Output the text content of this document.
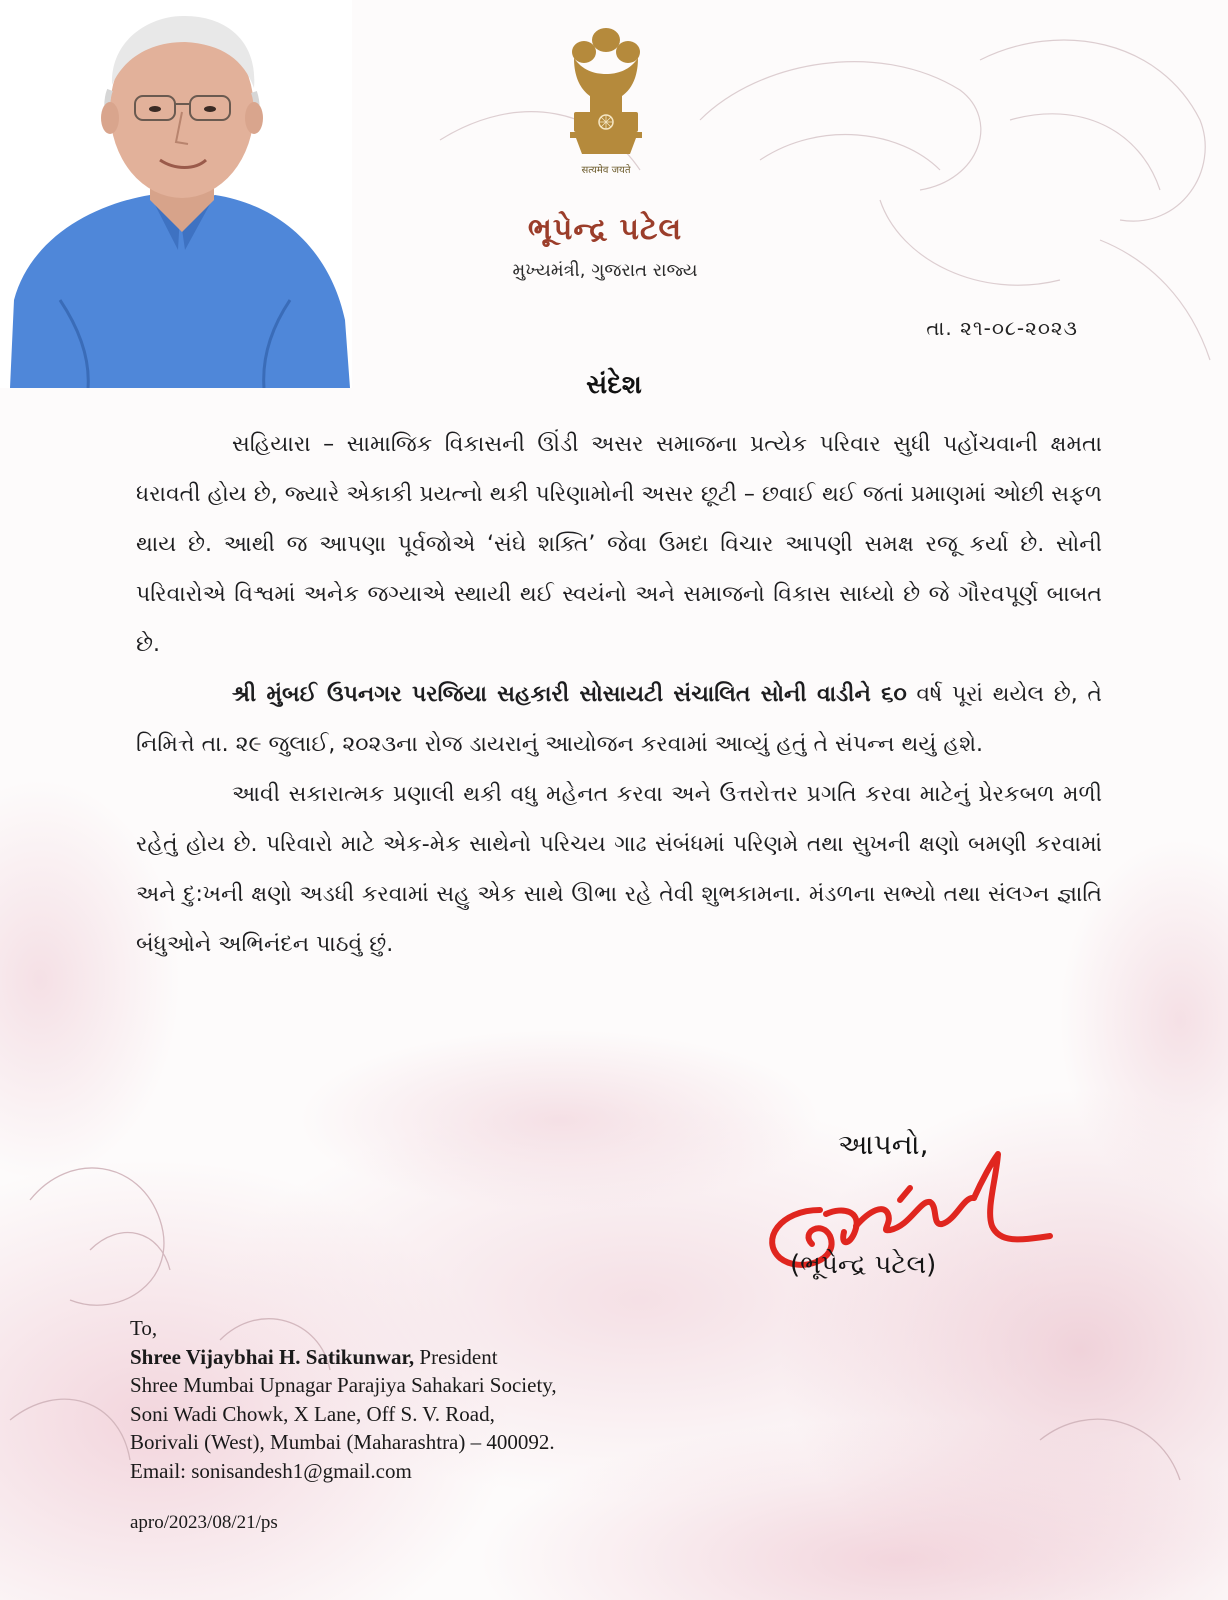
सत्यमेव जयते
ભૂપેન્દ્ર પટેલ
મુખ્યમંત્રી, ગુજરાત રાજ્ય
તા. ૨૧-૦૮-૨૦૨૩
સંદેશ

સહિયારા – સામાજિક વિકાસની ઊંડી અસર સમાજના પ્રત્યેક પરિવાર સુધી પહોંચવાની ક્ષમતા ધરાવતી હોય છે, જ્યારે એકાકી પ્રયત્નો થકી પરિણામોની અસર છૂટી – છવાઈ થઈ જતાં પ્રમાણમાં ઓછી સફળ થાય છે. આથી જ આપણા પૂર્વજોએ ‘સંઘે શક્તિ’ જેવા ઉમદા વિચાર આપણી સમક્ષ રજૂ કર્યા છે. સોની પરિવારોએ વિશ્વમાં અનેક જગ્યાએ સ્થાયી થઈ સ્વયંનો અને સમાજનો વિકાસ સાધ્યો છે જે ગૌરવપૂર્ણ બાબત છે.

શ્રી મુંબઈ ઉપનગર પરજિયા સહકારી સોસાયટી સંચાલિત સોની વાડીને ૬૦ વર્ષ પૂરાં થયેલ છે, તે નિમિત્તે તા. ૨૯ જુલાઈ, ૨૦૨૩ના રોજ ડાયરાનું આયોજન કરવામાં આવ્યું હતું તે સંપન્ન થયું હશે.

આવી સકારાત્મક પ્રણાલી થકી વધુ મહેનત કરવા અને ઉત્તરોત્તર પ્રગતિ કરવા માટેનું પ્રેરકબળ મળી રહેતું હોય છે. પરિવારો માટે એક-મેક સાથેનો પરિચય ગાઢ સંબંધમાં પરિણમે તથા સુખની ક્ષણો બમણી કરવામાં અને દુ:ખની ક્ષણો અડધી કરવામાં સહુ એક સાથે ઊભા રહે તેવી શુભકામના. મંડળના સભ્યો તથા સંલગ્ન જ્ઞાતિ બંધુઓને અભિનંદન પાઠવું છું.

આપનો,
(ભૂપેન્દ્ર પટેલ)
To,
Shree Vijaybhai H. Satikunwar, President
Shree Mumbai Upnagar Parajiya Sahakari Society,
Soni Wadi Chowk, X Lane, Off S. V. Road,
Borivali (West), Mumbai (Maharashtra) – 400092.
Email: sonisandesh1@gmail.com
apro/2023/08/21/ps
